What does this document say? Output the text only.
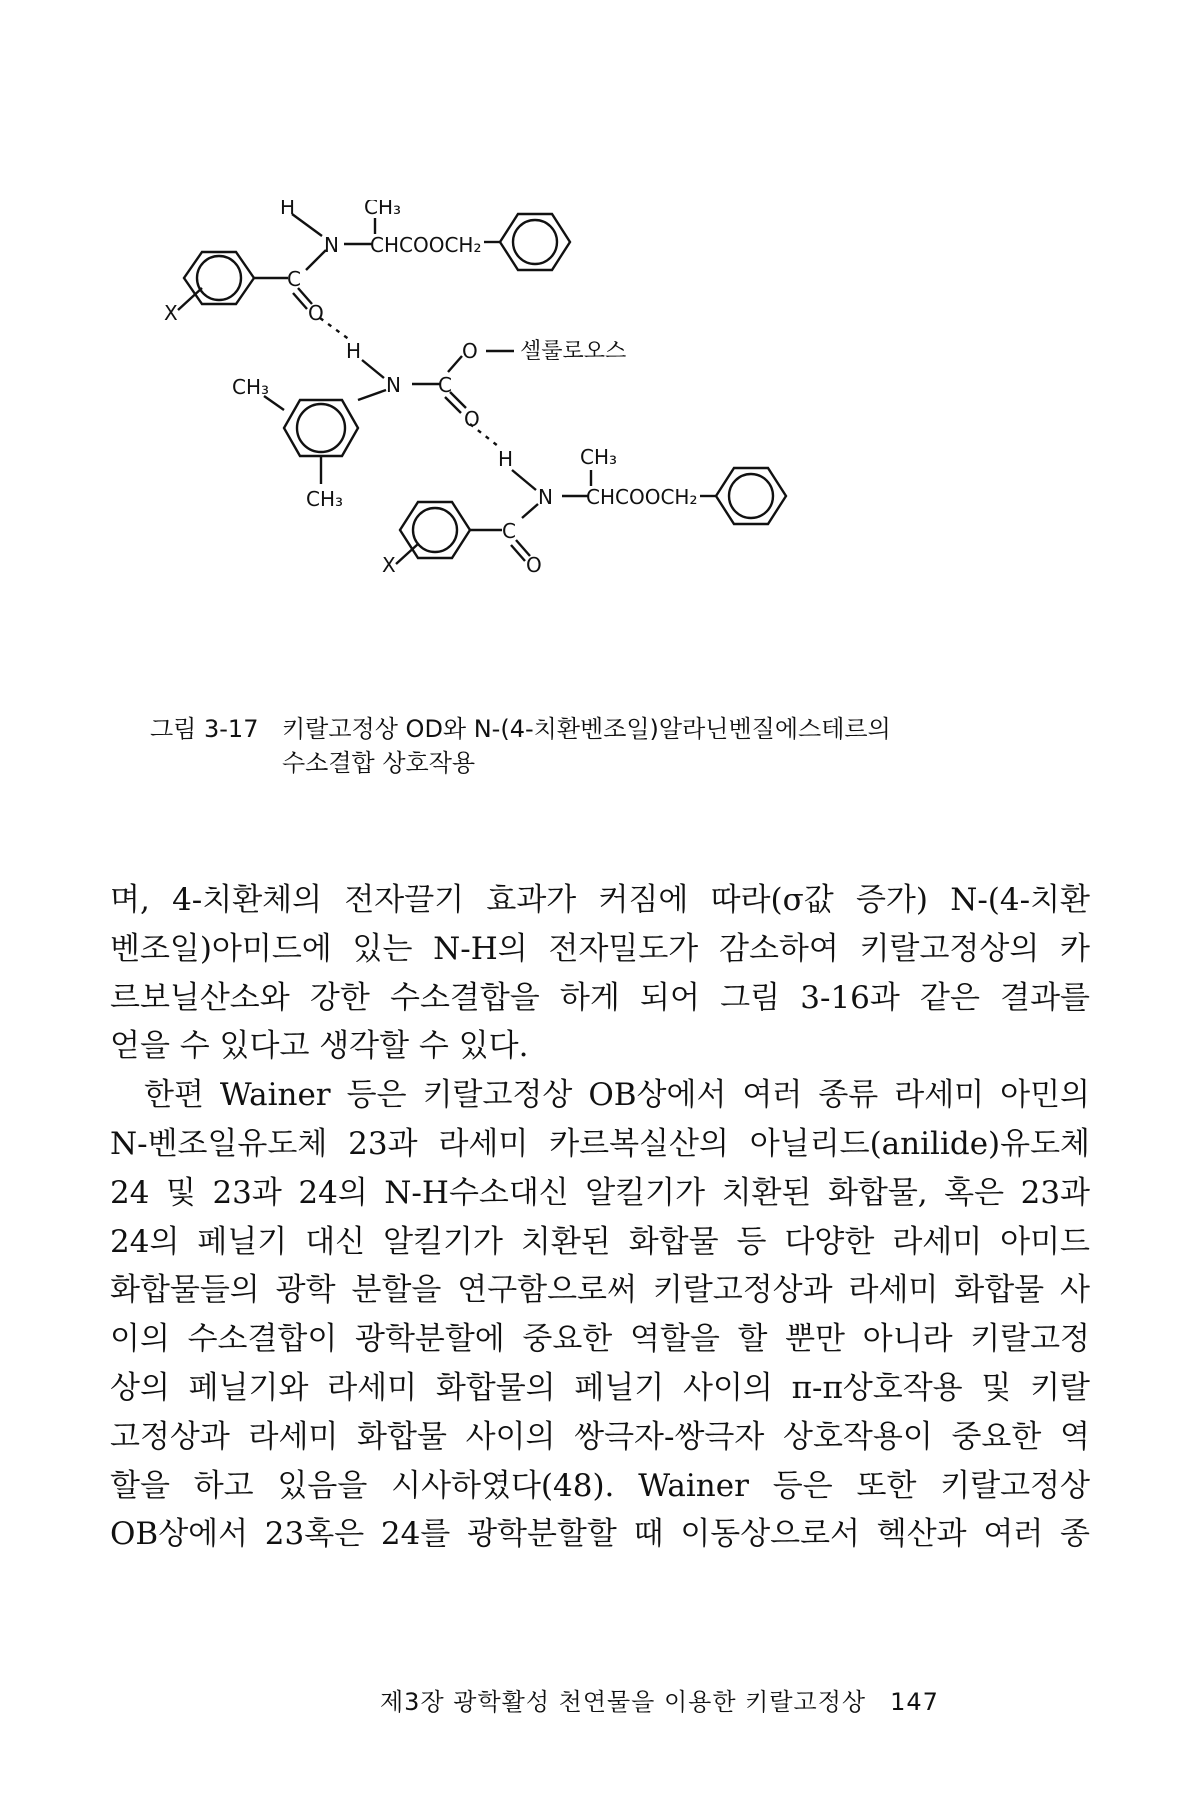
H	CH₃
N CHCOOCH₂
C
O
X
H	O 셀룰로오스
CH₃	N C
O
CH₃
H	CH₃
N CHCOOCH₂
C
O
X
그림 3-17 키랄고정상 OD와 N-(4-치환벤조일)알라닌벤질에스테르의
수소결합 상호작용
며, 4-치환체의 전자끌기 효과가 커짐에 따라(σ값 증가) N-(4-치환
벤조일)아미드에 있는 N-H의 전자밀도가 감소하여 키랄고정상의 카
르보닐산소와 강한 수소결합을 하게 되어 그림 3-16과 같은 결과를
얻을 수 있다고 생각할 수 있다.
한편 Wainer 등은 키랄고정상 OB상에서 여러 종류 라세미 아민의
N-벤조일유도체 23과 라세미 카르복실산의 아닐리드(anilide)유도체
24 및 23과 24의 N-H수소대신 알킬기가 치환된 화합물, 혹은 23과
24의 페닐기 대신 알킬기가 치환된 화합물 등 다양한 라세미 아미드
화합물들의 광학 분할을 연구함으로써 키랄고정상과 라세미 화합물 사
이의 수소결합이 광학분할에 중요한 역할을 할 뿐만 아니라 키랄고정
상의 페닐기와 라세미 화합물의 페닐기 사이의 π-π상호작용 및 키랄
고정상과 라세미 화합물 사이의 쌍극자-쌍극자 상호작용이 중요한 역
할을 하고 있음을 시사하였다(48). Wainer 등은 또한 키랄고정상
OB상에서 23혹은 24를 광학분할할 때 이동상으로서 헥산과 여러 종
제3장 광학활성 천연물을 이용한 키랄고정상 147
